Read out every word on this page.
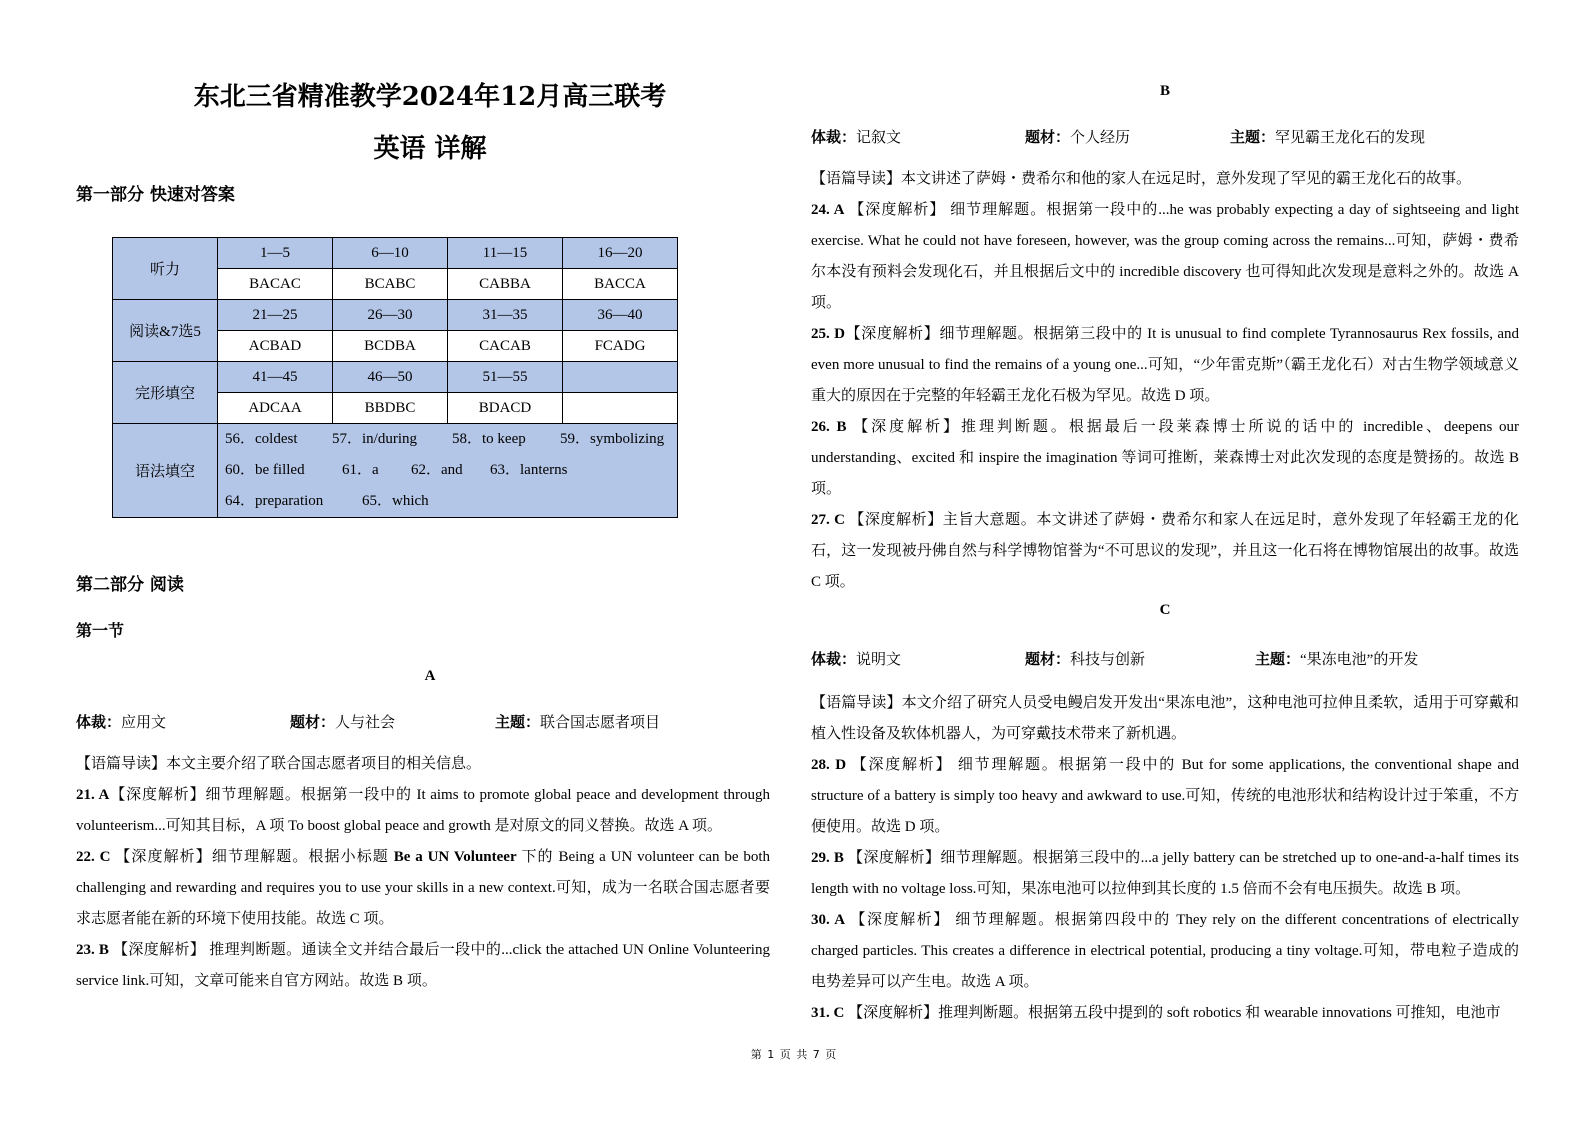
东北三省精准教学2024年12月高三联考
英语 详解
第一部分 快速对答案
听力	1—5	6—10	11—15	16—20
	BACAC	BCABC	CABBA	BACCA
阅读&7选5	21—25	26—30	31—35	36—40
	ACBAD	BCDBA	CACAB	FCADG
完形填空	41—45	46—50	51—55	
	ADCAA	BBDBC	BDACD	
语法填空	56．coldest 57．in/during 58．to keep 59．symbolizing
60．be filled 61．a 62．and 63．lanterns
64．preparation 65．which			
第二部分 阅读
第一节
A
体裁：应用文	题材：人与社会	主题：联合国志愿者项目

【语篇导读】本文主要介绍了联合国志愿者项目的相关信息。

21. A【深度解析】细节理解题。根据第一段中的 It aims to promote global peace and development through volunteerism...可知其目标，A 项 To boost global peace and growth 是对原文的同义替换。故选 A 项。

22. C 【深度解析】细节理解题。根据小标题 Be a UN Volunteer 下的 Being a UN volunteer can be both challenging and rewarding and requires you to use your skills in a new context.可知，成为一名联合国志愿者要求志愿者能在新的环境下使用技能。故选 C 项。

23. B 【深度解析】 推理判断题。通读全文并结合最后一段中的...click the attached UN Online Volunteering service link.可知，文章可能来自官方网站。故选 B 项。

B
体裁：记叙文	题材：个人经历	主题：罕见霸王龙化石的发现

【语篇导读】本文讲述了萨姆・费希尔和他的家人在远足时，意外发现了罕见的霸王龙化石的故事。

24. A 【深度解析】 细节理解题。根据第一段中的...he was probably expecting a day of sightseeing and light exercise. What he could not have foreseen, however, was the group coming across the remains...可知，萨姆・费希尔本没有预料会发现化石，并且根据后文中的 incredible discovery 也可得知此次发现是意料之外的。故选 A 项。

25. D【深度解析】细节理解题。根据第三段中的 It is unusual to find complete Tyrannosaurus Rex fossils, and even more unusual to find the remains of a young one...可知，“少年雷克斯”（霸王龙化石）对古生物学领域意义重大的原因在于完整的年轻霸王龙化石极为罕见。故选 D 项。

26. B 【深度解析】推理判断题。根据最后一段莱森博士所说的话中的 incredible、deepens our understanding、excited 和 inspire the imagination 等词可推断，莱森博士对此次发现的态度是赞扬的。故选 B 项。

27. C 【深度解析】主旨大意题。本文讲述了萨姆・费希尔和家人在远足时，意外发现了年轻霸王龙的化石，这一发现被丹佛自然与科学博物馆誉为“不可思议的发现”，并且这一化石将在博物馆展出的故事。故选 C 项。

C
体裁：说明文	题材：科技与创新	主题：“果冻电池”的开发

【语篇导读】本文介绍了研究人员受电鳗启发开发出“果冻电池”，这种电池可拉伸且柔软，适用于可穿戴和植入性设备及软体机器人，为可穿戴技术带来了新机遇。

28. D 【深度解析】 细节理解题。根据第一段中的 But for some applications, the conventional shape and structure of a battery is simply too heavy and awkward to use.可知，传统的电池形状和结构设计过于笨重，不方便使用。故选 D 项。

29. B 【深度解析】细节理解题。根据第三段中的...a jelly battery can be stretched up to one-and-a-half times its length with no voltage loss.可知，果冻电池可以拉伸到其长度的 1.5 倍而不会有电压损失。故选 B 项。

30. A 【深度解析】 细节理解题。根据第四段中的 They rely on the different concentrations of electrically charged particles. This creates a difference in electrical potential, producing a tiny voltage.可知，带电粒子造成的电势差异可以产生电。故选 A 项。

31. C 【深度解析】推理判断题。根据第五段中提到的 soft robotics 和 wearable innovations 可推知，电池市

第 1 页 共 7 页
